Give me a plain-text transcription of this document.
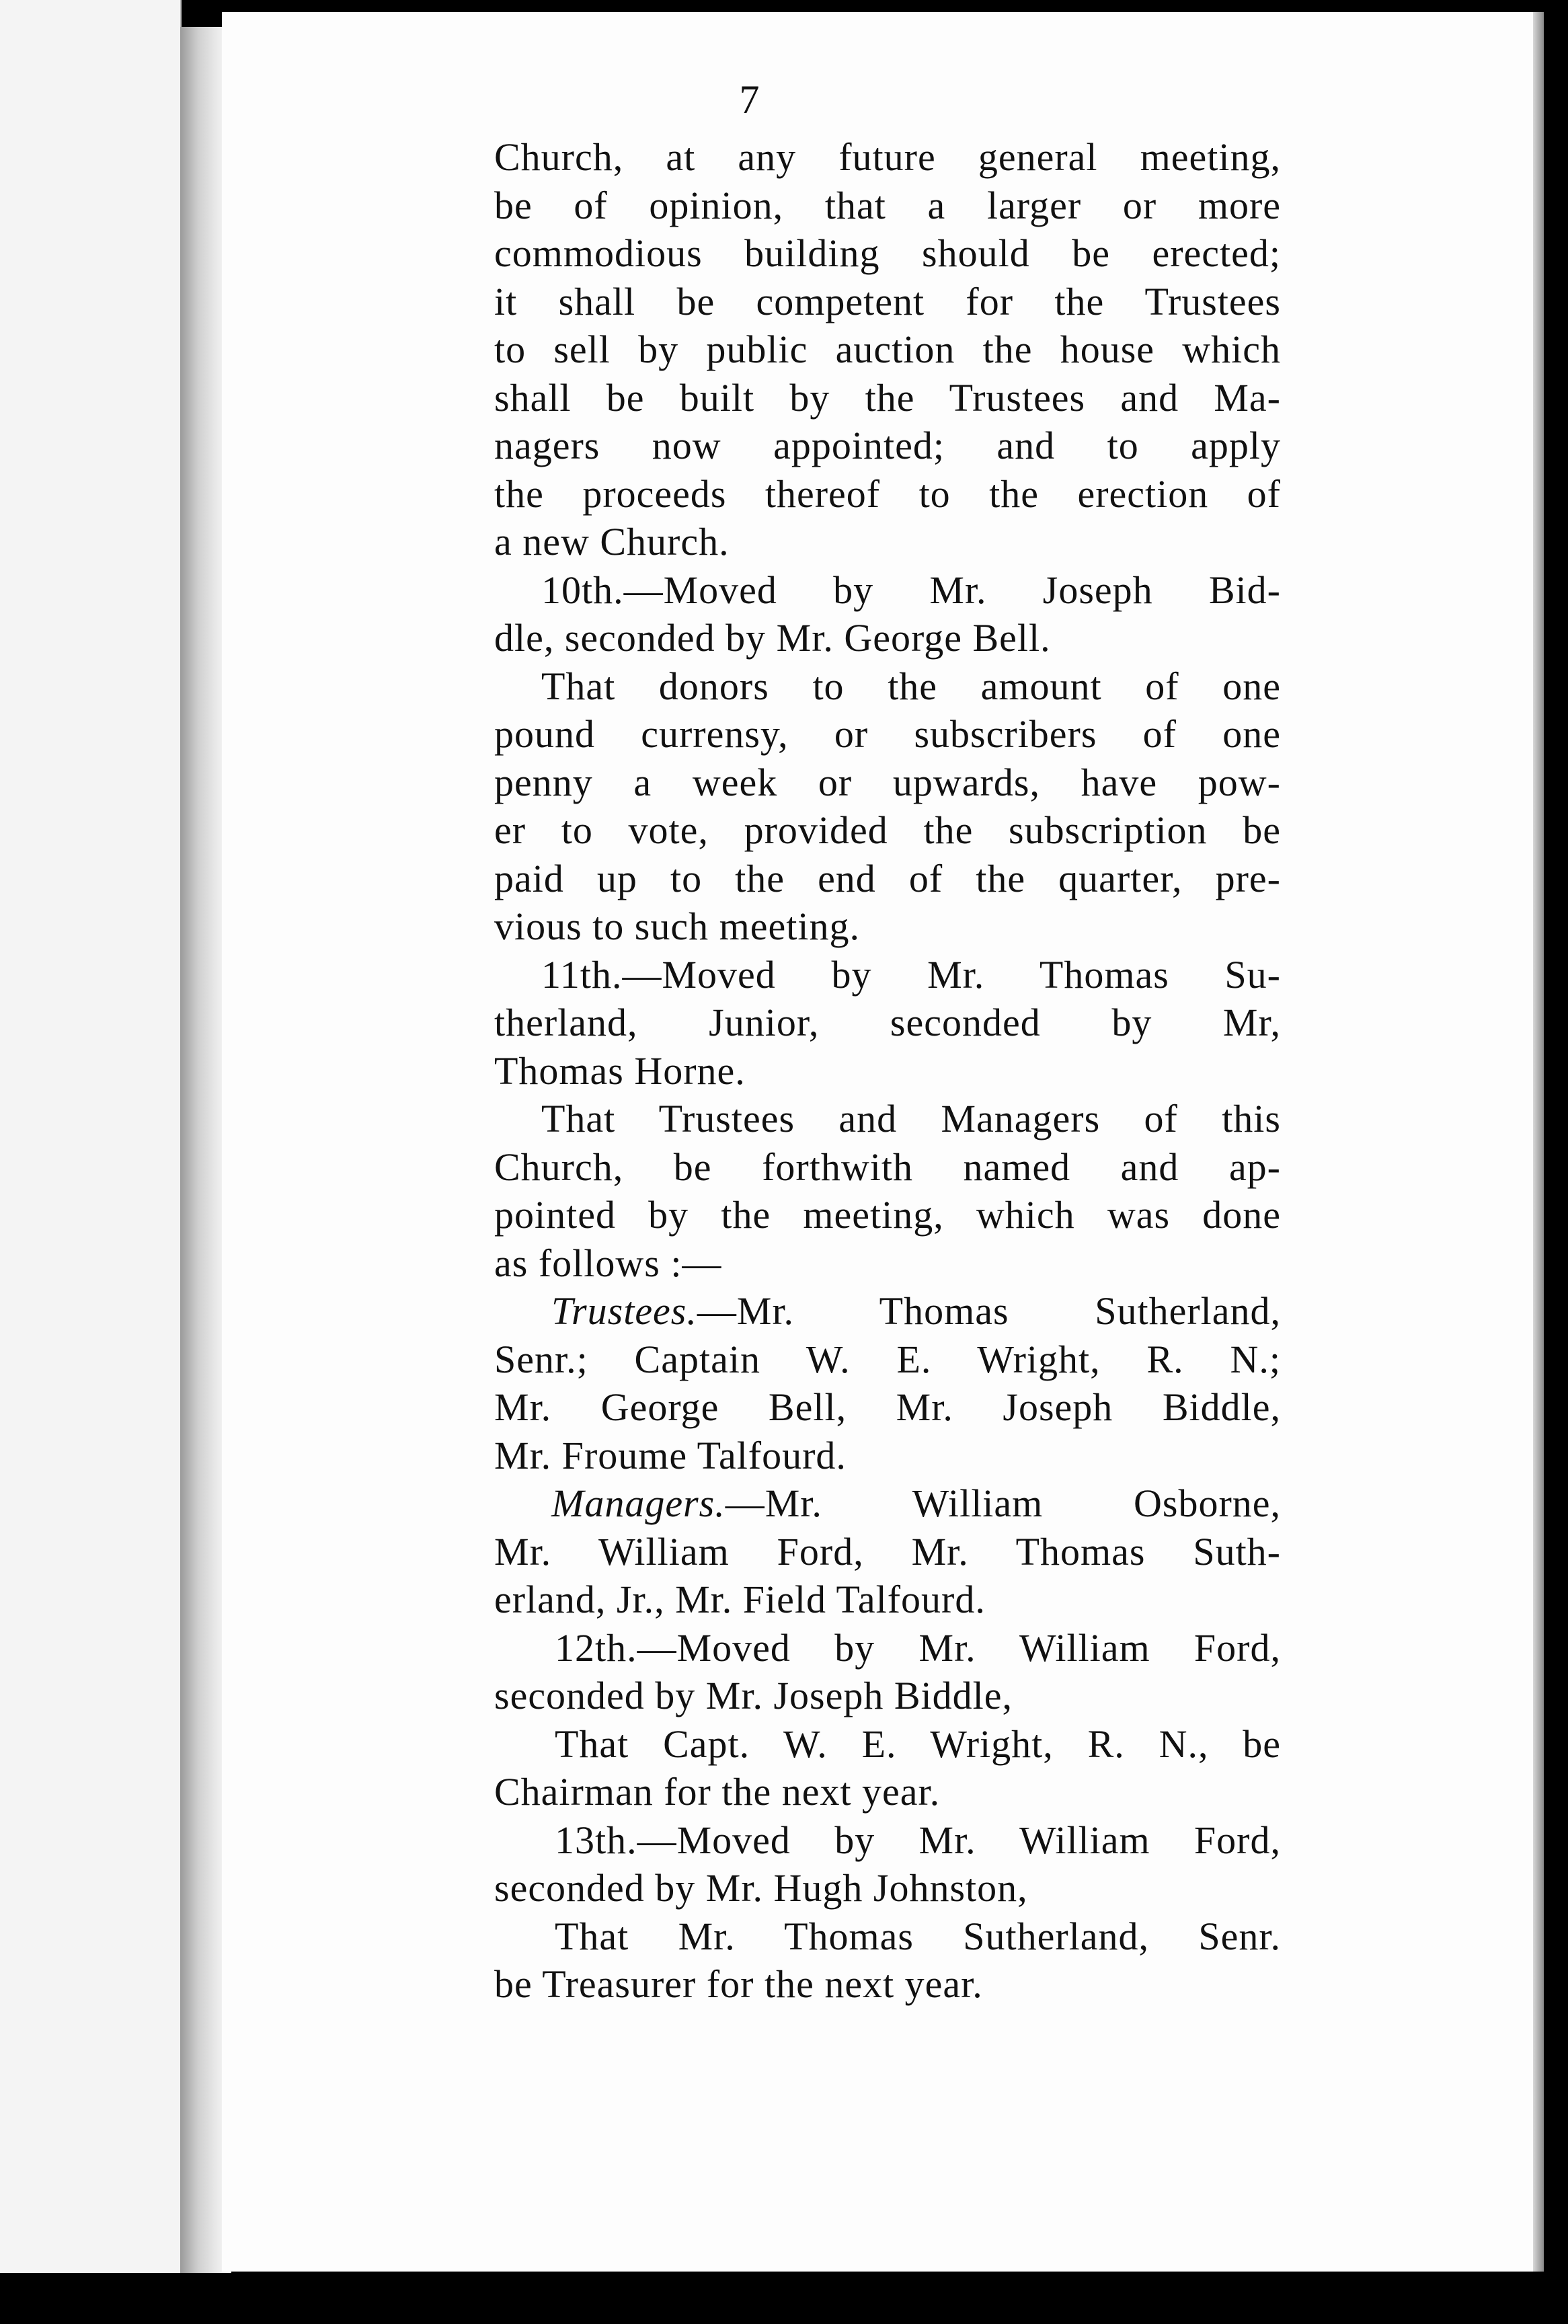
7
Church, at any future general meeting,
be of opinion, that a larger or more
commodious building should be erected;
it shall be competent for the Trustees
to sell by public auction the house which
shall be built by the Trustees and Ma-
nagers now appointed; and to apply
the proceeds thereof to the erection of
a new Church.
10th.—Moved by Mr. Joseph Bid-
dle, seconded by Mr. George Bell.
That donors to the amount of one
pound currensy, or subscribers of one
penny a week or upwards, have pow-
er to vote, provided the subscription be
paid up to the end of the quarter, pre-
vious to such meeting.
11th.—Moved by Mr. Thomas Su-
therland, Junior, seconded by Mr,
Thomas Horne.
That Trustees and Managers of this
Church, be forthwith named and ap-
pointed by the meeting, which was done
as follows :—
Trustees.—Mr. Thomas Sutherland,
Senr.; Captain W. E. Wright, R. N.;
Mr. George Bell, Mr. Joseph Biddle,
Mr. Froume Talfourd.
Managers.—Mr. William Osborne,
Mr. William Ford, Mr. Thomas Suth-
erland, Jr., Mr. Field Talfourd.
12th.—Moved by Mr. William Ford,
seconded by Mr. Joseph Biddle,
That Capt. W. E. Wright, R. N., be
Chairman for the next year.
13th.—Moved by Mr. William Ford,
seconded by Mr. Hugh Johnston,
That Mr. Thomas Sutherland, Senr.
be Treasurer for the next year.
